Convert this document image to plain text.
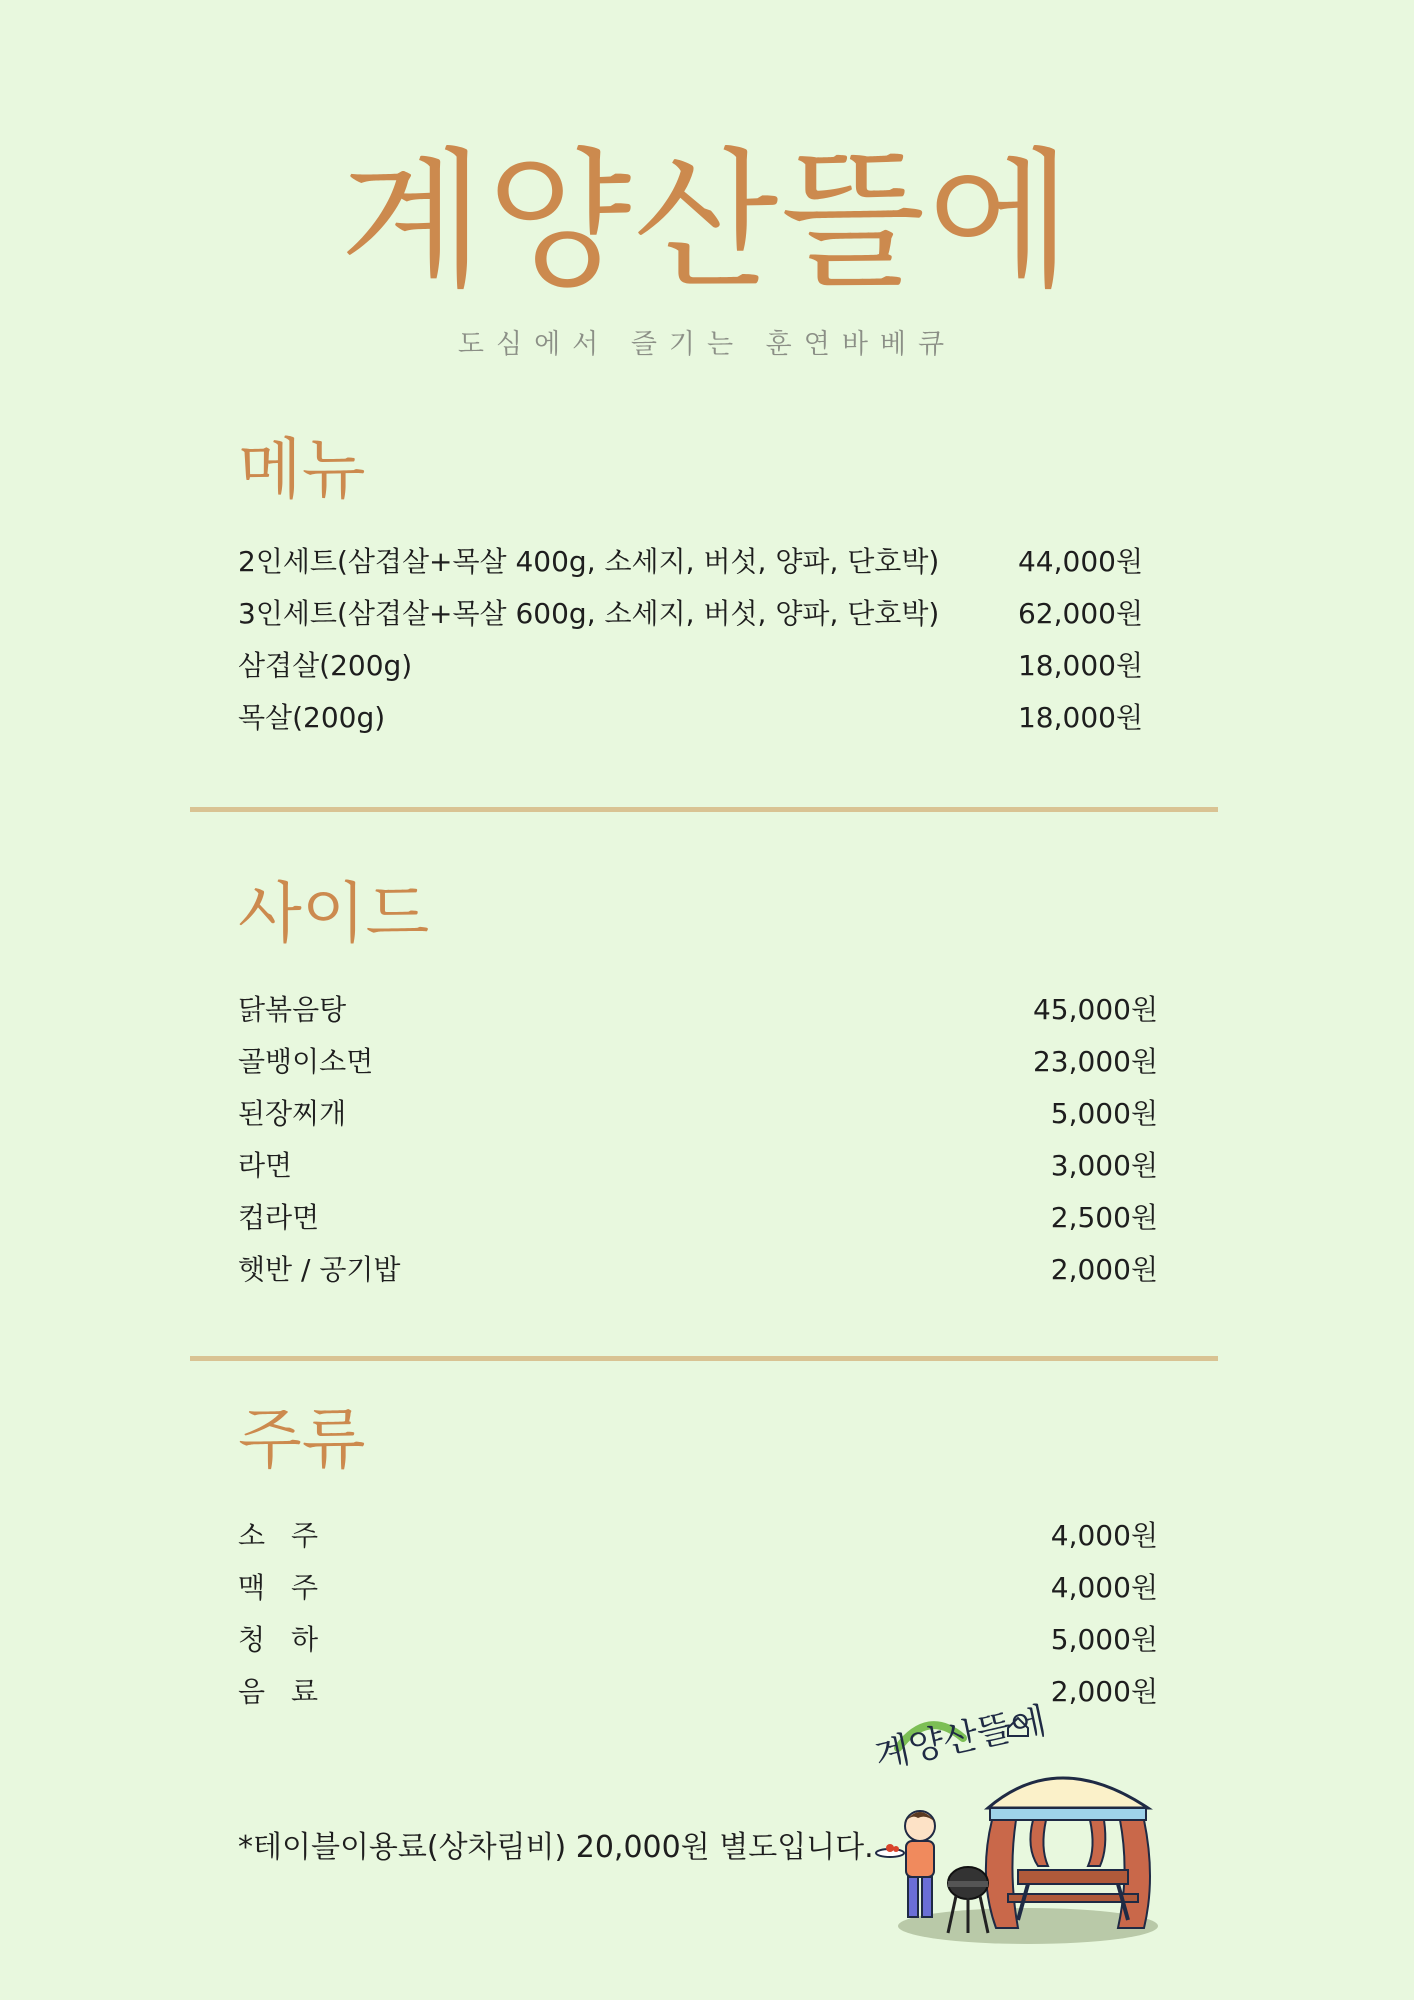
계양산뜰에

도심에서 즐기는 훈연바베큐

메뉴
2인세트(삼겹살+목살 400g, 소세지, 버섯, 양파, 단호박)	44,000원
3인세트(삼겹살+목살 600g, 소세지, 버섯, 양파, 단호박)	62,000원
삼겹살(200g)	18,000원
목살(200g)	18,000원
사이드
닭볶음탕	45,000원
골뱅이소면	23,000원
된장찌개	5,000원
라면	3,000원
컵라면	2,500원
햇반 / 공기밥	2,000원
주류
소주	4,000원
맥주	4,000원
청하	5,000원
음료	2,000원

*테이블이용료(상차림비) 20,000원 별도입니다.

계양산뜰에
